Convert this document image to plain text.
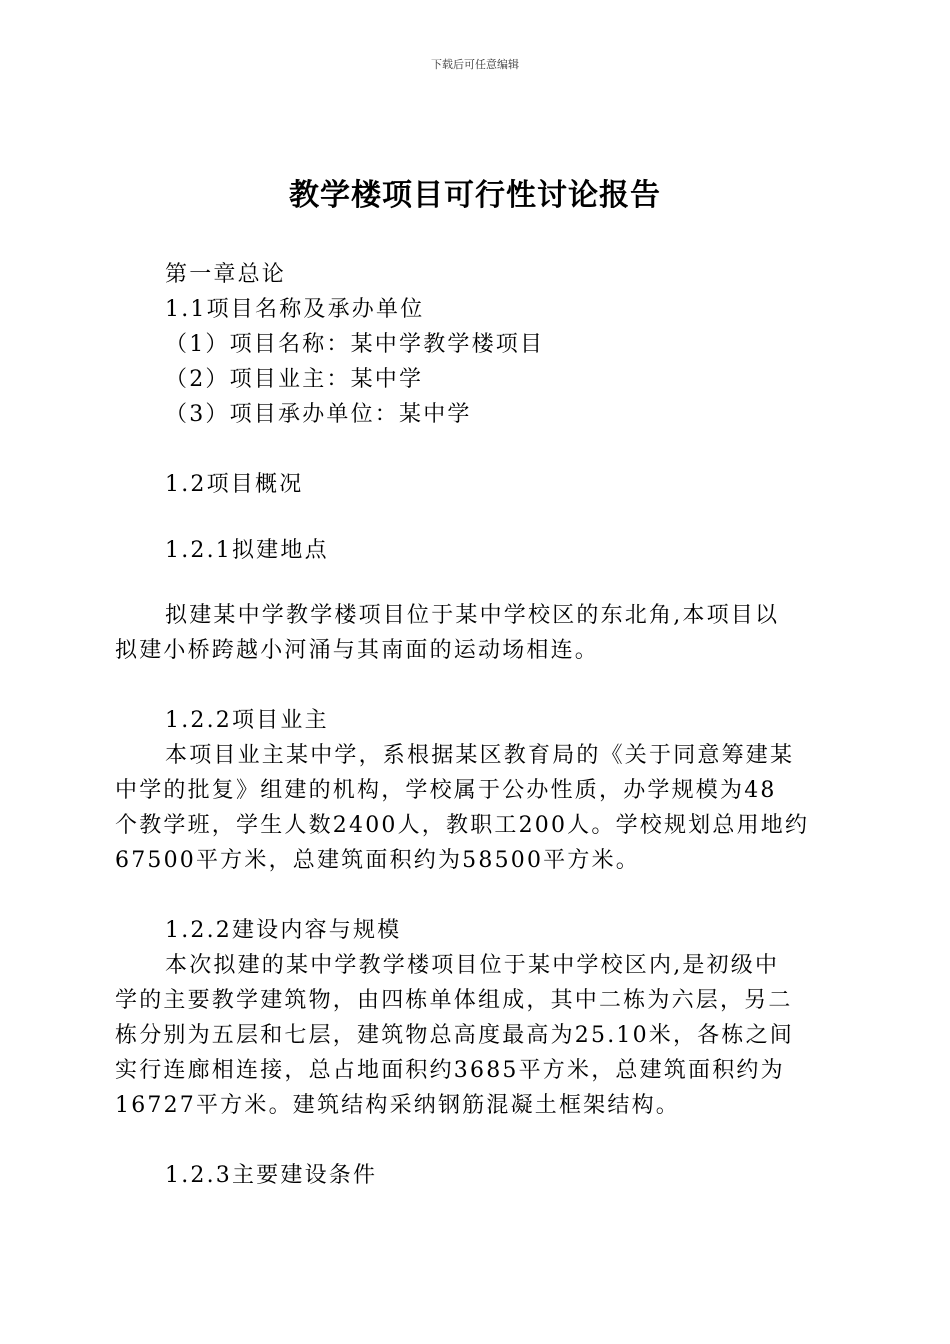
下载后可任意编辑
教学楼项目可行性讨论报告
第一章总论
1.1项目名称及承办单位
（1）项目名称：某中学教学楼项目
（2）项目业主：某中学
（3）项目承办单位：某中学
1.2项目概况
1.2.1拟建地点
拟建某中学教学楼项目位于某中学校区的东北角,本项目以
拟建小桥跨越小河涌与其南面的运动场相连。
1.2.2项目业主
本项目业主某中学，系根据某区教育局的《关于同意筹建某
中学的批复》组建的机构，学校属于公办性质，办学规模为48
个教学班，学生人数2400人，教职工200人。学校规划总用地约
67500平方米，总建筑面积约为58500平方米。
1.2.2建设内容与规模
本次拟建的某中学教学楼项目位于某中学校区内,是初级中
学的主要教学建筑物，由四栋单体组成，其中二栋为六层，另二
栋分别为五层和七层，建筑物总高度最高为25.10米，各栋之间
实行连廊相连接，总占地面积约3685平方米，总建筑面积约为
16727平方米。建筑结构采纳钢筋混凝土框架结构。
1.2.3主要建设条件
